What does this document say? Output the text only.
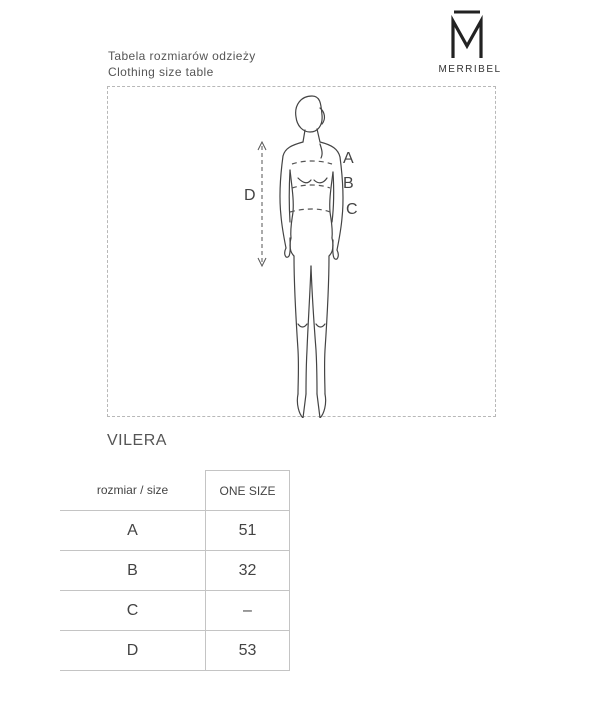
MERRIBEL
Tabela rozmiarów odzieży
Clothing size table
A
B
C
D
VILERA
rozmiar / size	ONE SIZE
A	51
B	32
C	–
D	53
